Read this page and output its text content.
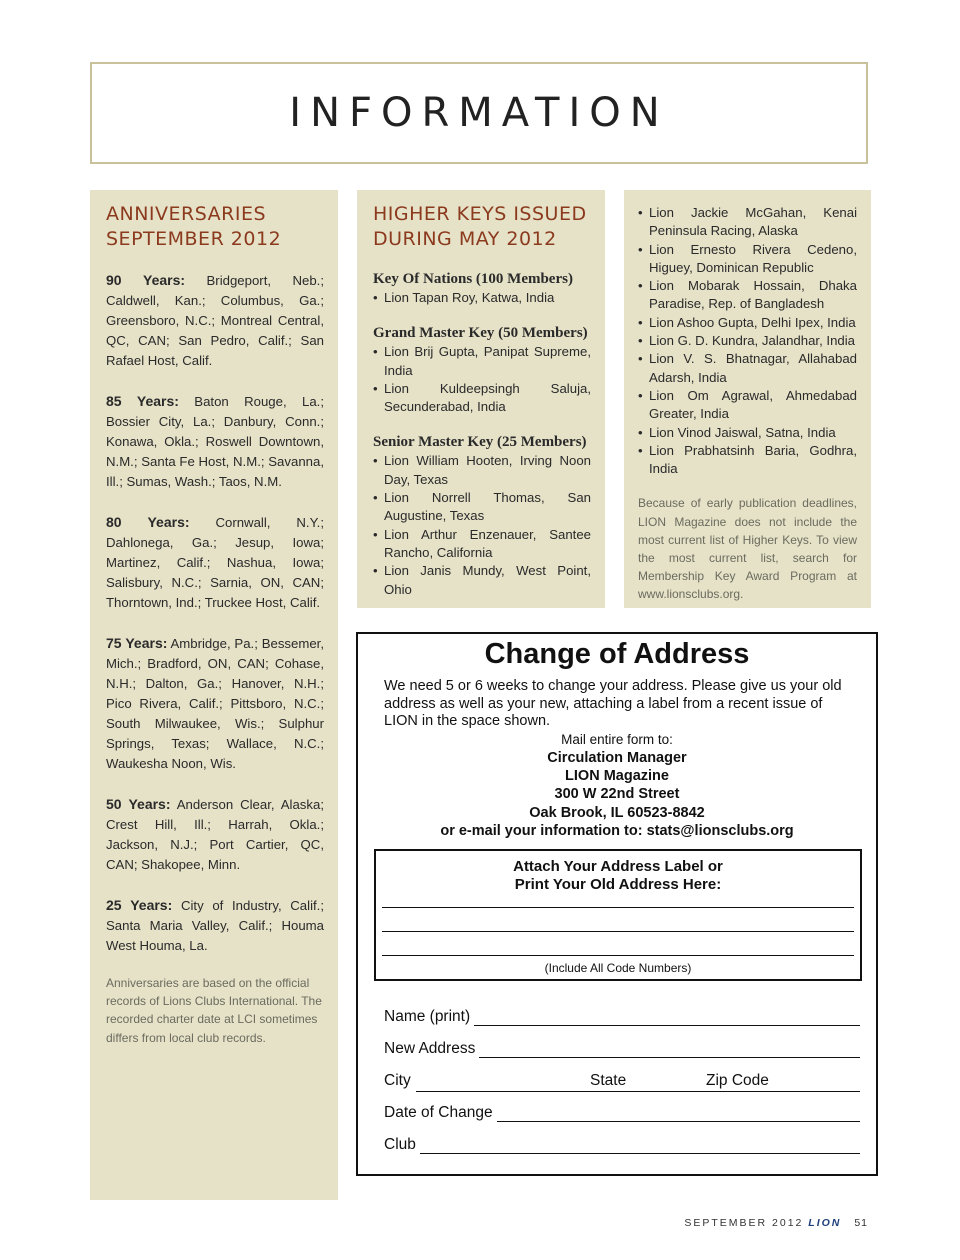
INFORMATION
ANNIVERSARIES
SEPTEMBER 2012

90 Years: Bridgeport, Neb.; Caldwell, Kan.; Columbus, Ga.; Greensboro, N.C.; Montreal Central, QC, CAN; San Pedro, Calif.; San Rafael Host, Calif.

85 Years: Baton Rouge, La.; Bossier City, La.; Danbury, Conn.; Konawa, Okla.; Roswell Downtown, N.M.; Santa Fe Host, N.M.; Savanna, Ill.; Sumas, Wash.; Taos, N.M.

80 Years: Cornwall, N.Y.; Dahlonega, Ga.; Jesup, Iowa; Martinez, Calif.; Nashua, Iowa; Salisbury, N.C.; Sarnia, ON, CAN; Thorntown, Ind.; Truckee Host, Calif.

75 Years: Ambridge, Pa.; Bessemer, Mich.; Bradford, ON, CAN; Cohase, N.H.; Dalton, Ga.; Hanover, N.H.; Pico Rivera, Calif.; Pittsboro, N.C.; South Milwaukee, Wis.; Sulphur Springs, Texas; Wallace, N.C.; Waukesha Noon, Wis.

50 Years: Anderson Clear, Alaska; Crest Hill, Ill.; Harrah, Okla.; Jackson, N.J.; Port Cartier, QC, CAN; Shakopee, Minn.

25 Years: City of Industry, Calif.; Santa Maria Valley, Calif.; Houma West Houma, La.

Anniversaries are based on the official records of Lions Clubs International. The recorded charter date at LCI sometimes differs from local club records.

HIGHER KEYS ISSUED
DURING MAY 2012

Key Of Nations (100 Members)

• Lion Tapan Roy, Katwa, India

Grand Master Key (50 Members)

• Lion Brij Gupta, Panipat Supreme, India
• Lion Kuldeepsingh Saluja, Secunderabad, India

Senior Master Key (25 Members)

• Lion William Hooten, Irving Noon Day, Texas
• Lion Norrell Thomas, San Augustine, Texas
• Lion Arthur Enzenauer, Santee Rancho, California
• Lion Janis Mundy, West Point, Ohio
• Lion Jackie McGahan, Kenai Peninsula Racing, Alaska
• Lion Ernesto Rivera Cedeno, Higuey, Dominican Republic
• Lion Mobarak Hossain, Dhaka Paradise, Rep. of Bangladesh
• Lion Ashoo Gupta, Delhi Ipex, India
• Lion G. D. Kundra, Jalandhar, India
• Lion V. S. Bhatnagar, Allahabad Adarsh, India
• Lion Om Agrawal, Ahmedabad Greater, India
• Lion Vinod Jaiswal, Satna, India
• Lion Prabhatsinh Baria, Godhra, India

Because of early publication deadlines, LION Magazine does not include the most current list of Higher Keys. To view the most current list, search for Membership Key Award Program at www.lionsclubs.org.

Change of Address
We need 5 or 6 weeks to change your address. Please give us your old address as well as your new, attaching a label from a recent issue of LION in the space shown.
Mail entire form to:
Circulation Manager
LION Magazine
300 W 22nd Street
Oak Brook, IL 60523-8842
or e-mail your information to: stats@lionsclubs.org
Attach Your Address Label or
Print Your Old Address Here:
(Include All Code Numbers)
Name (print)
New Address
City	State	Zip Code
Date of Change
Club
SEPTEMBER 2012 LION 51
